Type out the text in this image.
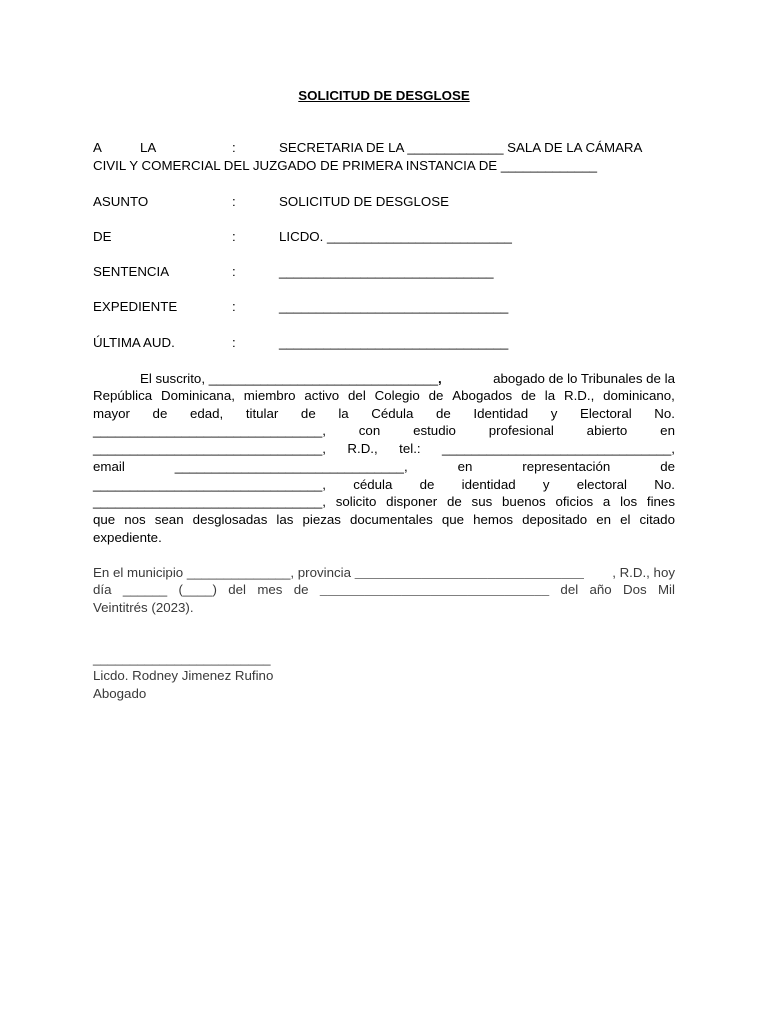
SOLICITUD DE DESGLOSE
A	LA	:	SECRETARIA DE LA _____________ SALA DE LA CÁMARA
CIVIL Y COMERCIAL DEL JUZGADO DE PRIMERA INSTANCIA DE _____________
ASUNTO	:	SOLICITUD DE DESGLOSE
DE	:	LICDO. _________________________
SENTENCIA	:	_____________________________
EXPEDIENTE	:	_______________________________
ÚLTIMA AUD.	:	_______________________________
El suscrito, _______________________________,	abogado de lo Tribunales de la
República Dominicana, miembro activo del Colegio de Abogados de la R.D., dominicano,
mayor de edad, titular de la Cédula de Identidad y Electoral No.
_______________________________, con estudio profesional abierto en
_______________________________, R.D., tel.: _______________________________,
email	_______________________________,	en	representación	de
_______________________________, cédula de identidad y electoral No.
_______________________________, solicito disponer de sus buenos oficios a los fines
que nos sean desglosadas las piezas documentales que hemos depositado en el citado
expediente.
En el municipio ______________, provincia _______________________________ , R.D., hoy
día ______ (____) del mes de _______________________________ del año Dos Mil
Veintitrés (2023).
________________________
Licdo. Rodney Jimenez Rufino
Abogado
